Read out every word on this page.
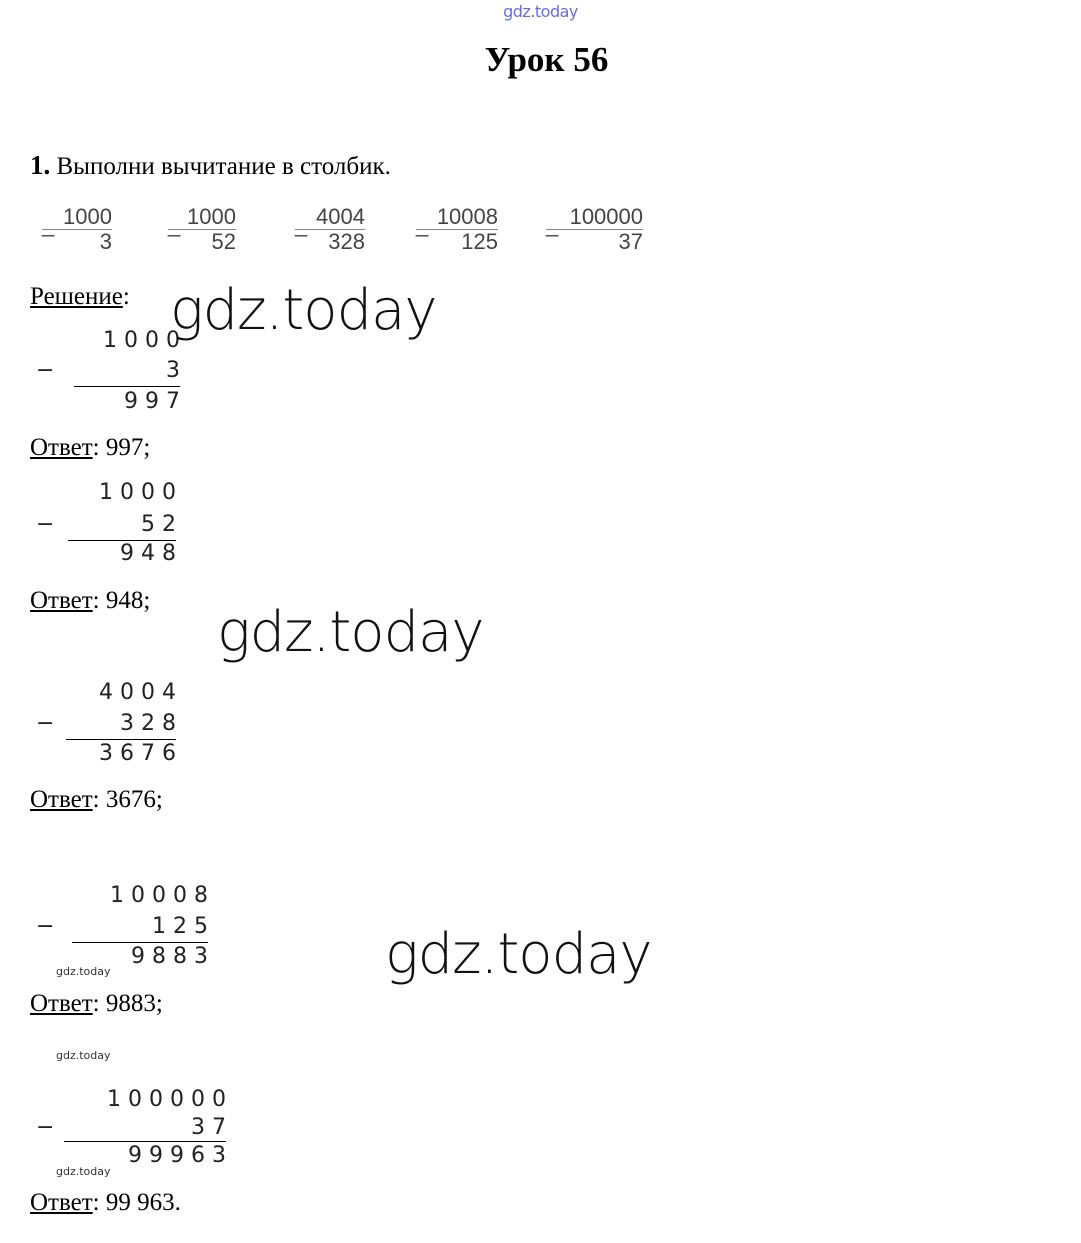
gdz.today
Урок 56
1. Выполни вычитание в столбик.
_ 1000
3
_ 1000
52
_ 4004
328
_ 10008
125
_ 100000
37
Решение:
1 0 0 0
−	3
9 9 7
Ответ: 997;
1 0 0 0
−	5 2
9 4 8
Ответ: 948;
4 0 0 4
−	3 2 8
3 6 7 6
Ответ: 3676;
1 0 0 0 8
−	1 2 5
9 8 8 3
Ответ: 9883;
1 0 0 0 0 0
−	3 7
9 9 9 6 3
Ответ: 99 963.
gdz.today
gdz.today
gdz.today
gdz.today
gdz.today
gdz.today
